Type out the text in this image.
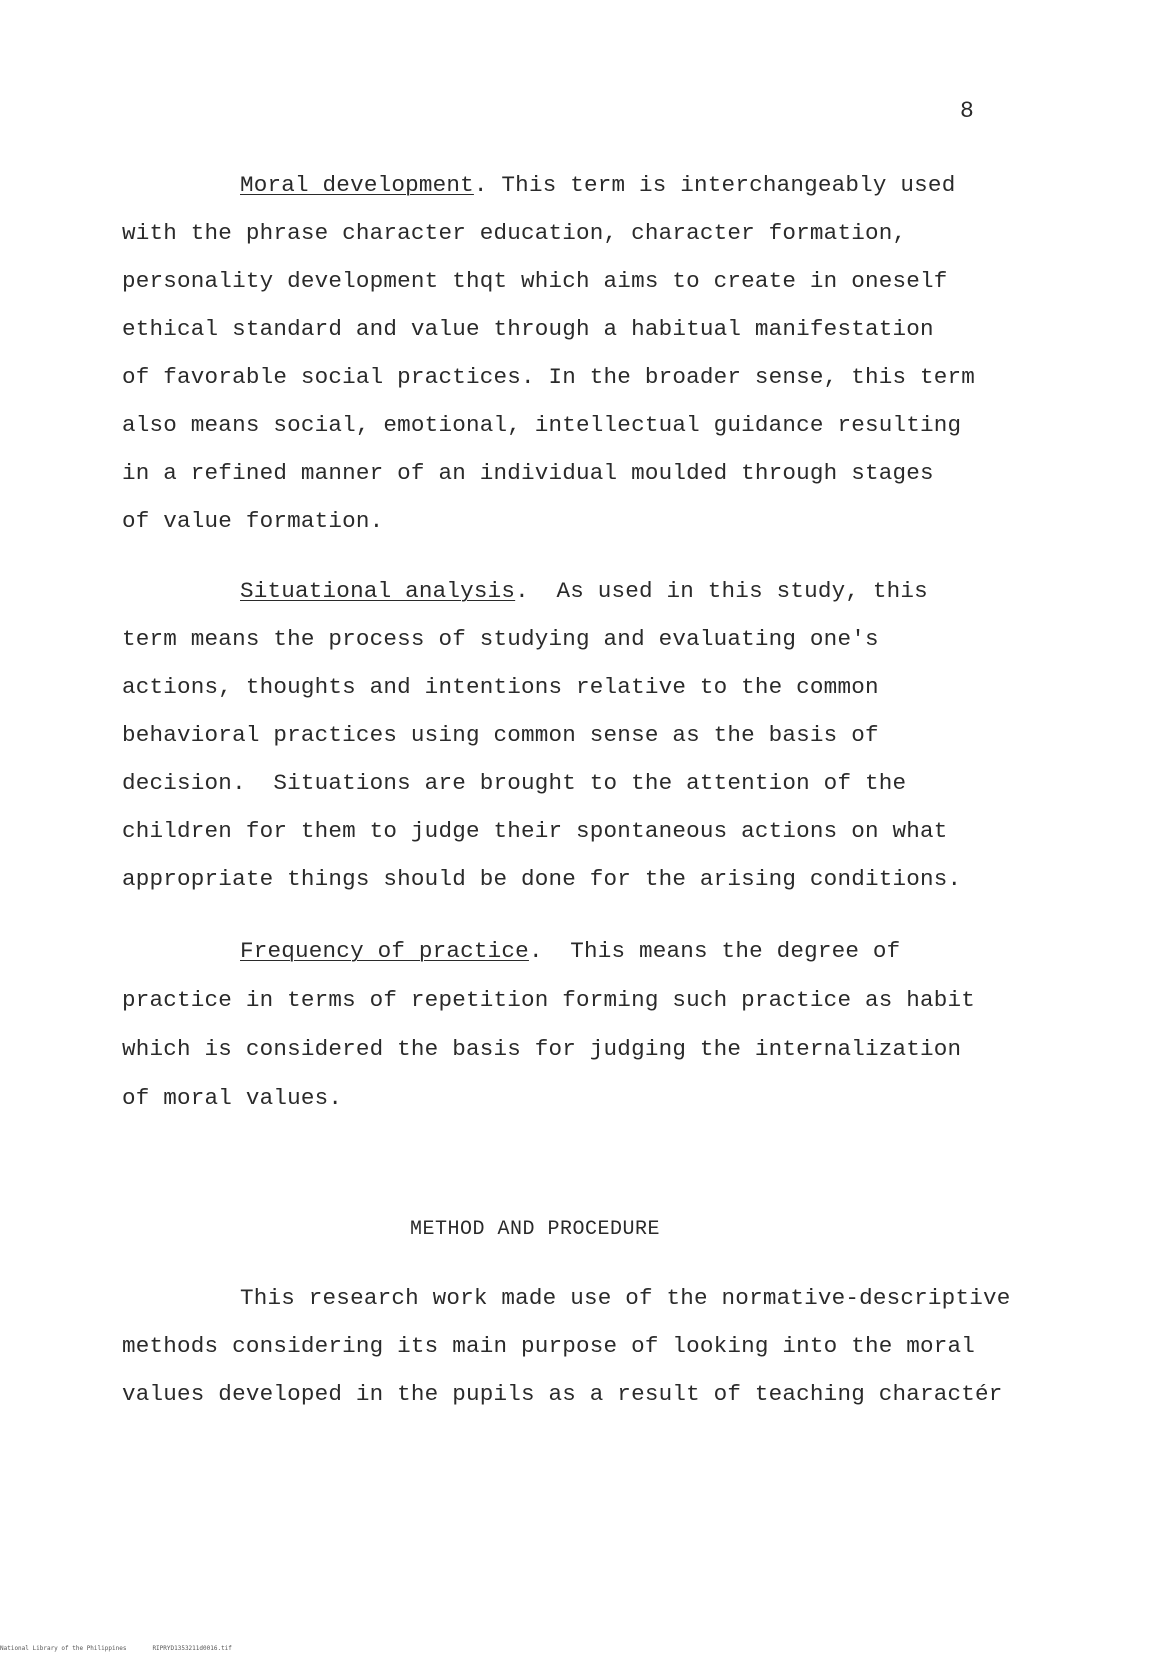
8
Moral development. This term is interchangeably used
with the phrase character education, character formation,
personality development thqt which aims to create in oneself
ethical standard and value through a habitual manifestation
of favorable social practices. In the broader sense, this term
also means social, emotional, intellectual guidance resulting
in a refined manner of an individual moulded through stages
of value formation.
Situational analysis.  As used in this study, this
term means the process of studying and evaluating one's
actions, thoughts and intentions relative to the common
behavioral practices using common sense as the basis of
decision.  Situations are brought to the attention of the
children for them to judge their spontaneous actions on what
appropriate things should be done for the arising conditions.
Frequency of practice.  This means the degree of
practice in terms of repetition forming such practice as habit
which is considered the basis for judging the internalization
of moral values.
METHOD AND PROCEDURE
This research work made use of the normative-descriptive
methods considering its main purpose of looking into the moral
values developed in the pupils as a result of teaching charactér
National Library of the Philippines	RIPRYD1353211d0016.tif
